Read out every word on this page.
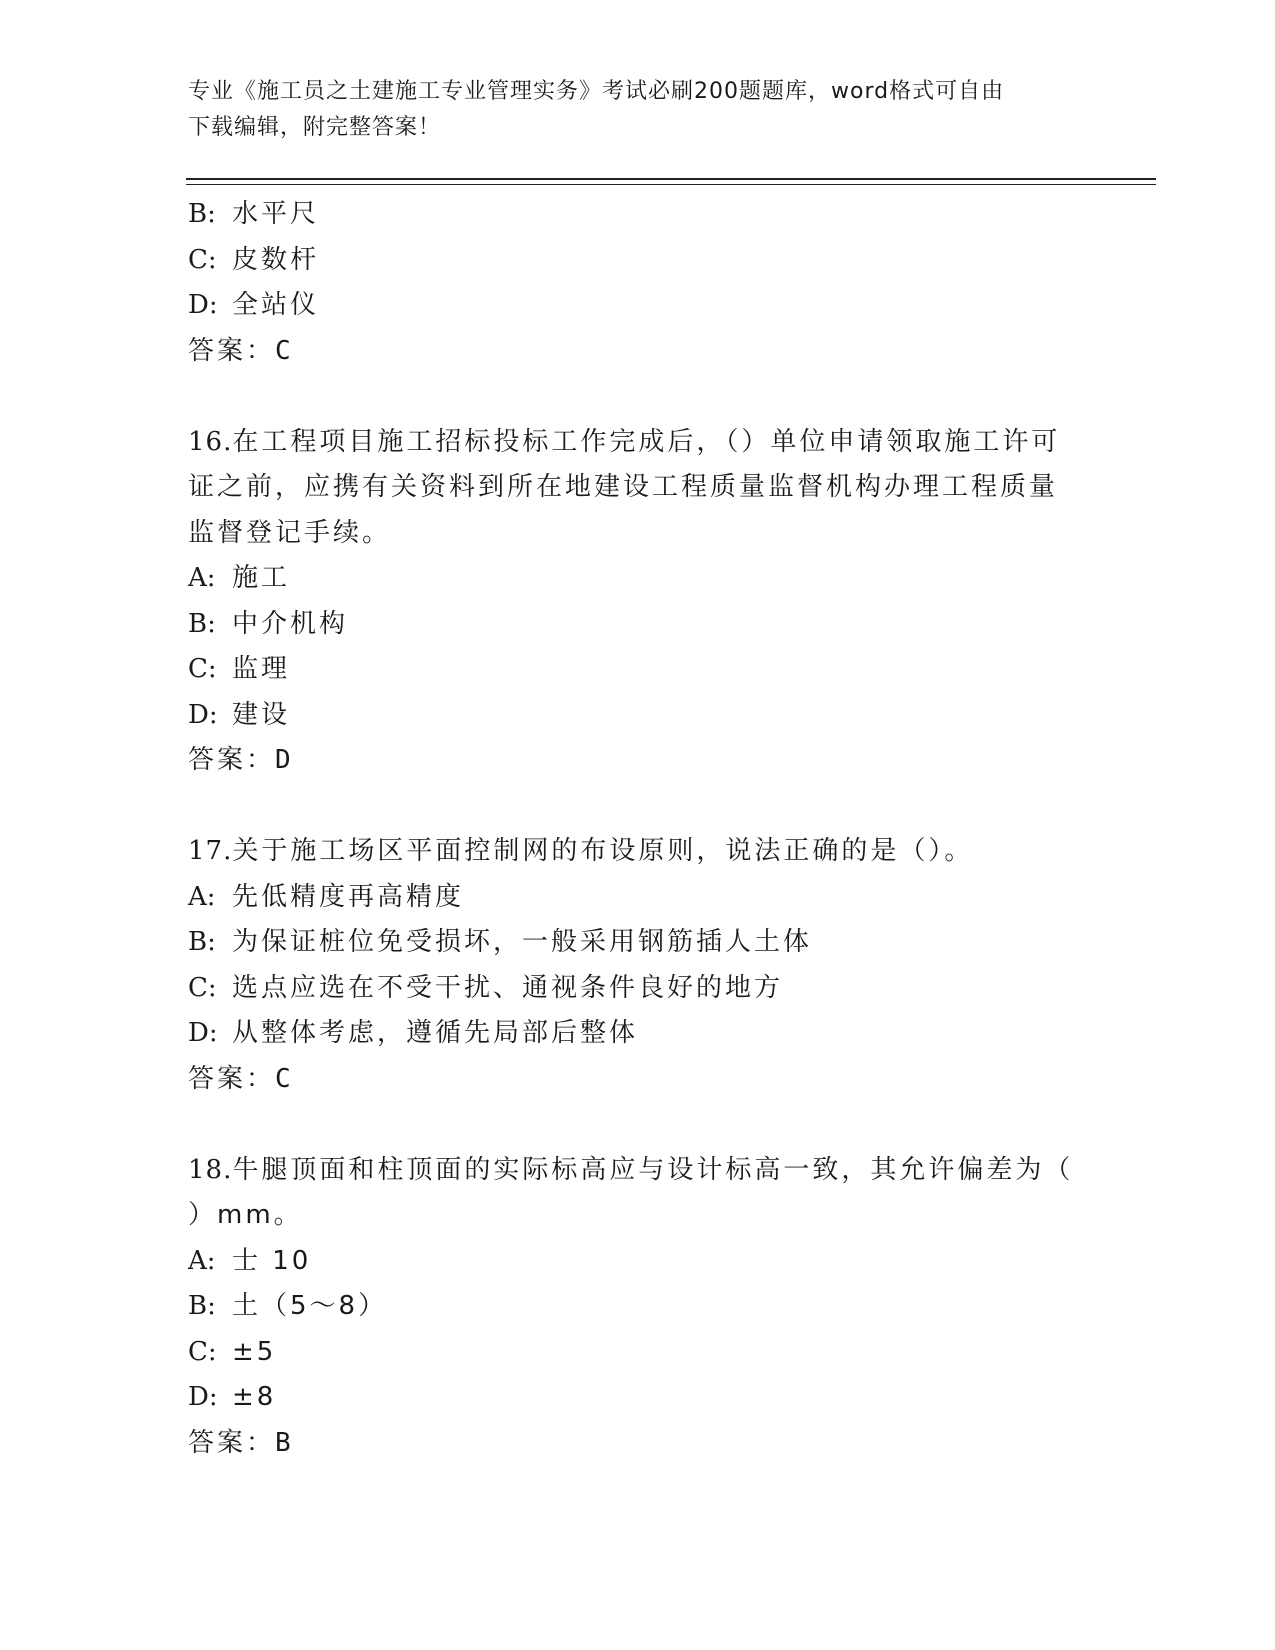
专业《施工员之土建施工专业管理实务》考试必刷200题题库，word格式可自由
下载编辑，附完整答案！
B: 水平尺
C: 皮数杆
D: 全站仪
答案：C
16.在工程项目施工招标投标工作完成后，（）单位申请领取施工许可
证之前，应携有关资料到所在地建设工程质量监督机构办理工程质量
监督登记手续。
A: 施工
B: 中介机构
C: 监理
D: 建设
答案：D
17.关于施工场区平面控制网的布设原则，说法正确的是（）。
A: 先低精度再高精度
B: 为保证桩位免受损坏，一般采用钢筋插人土体
C: 选点应选在不受干扰、通视条件良好的地方
D: 从整体考虑，遵循先局部后整体
答案：C
18.牛腿顶面和柱顶面的实际标高应与设计标高一致，其允许偏差为（
）mm。
A: 士 10
B: 土（5～8）
C: ±5
D: ±8
答案：B
